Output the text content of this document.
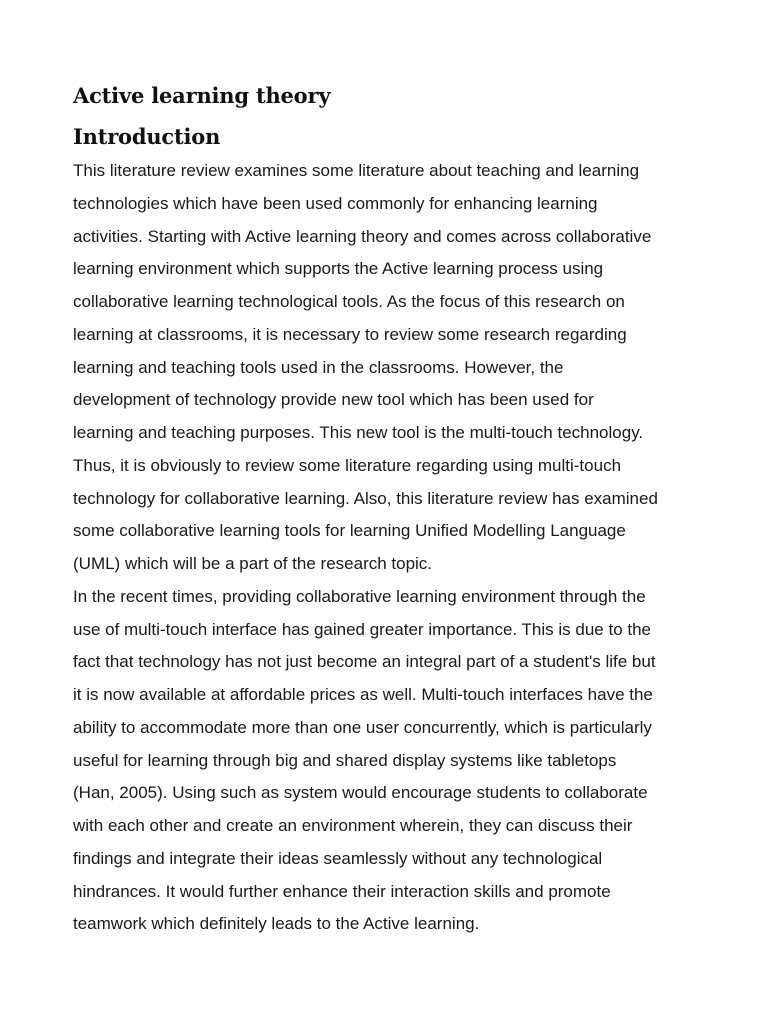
Active learning theory
Introduction

This literature review examines some literature about teaching and learning
technologies which have been used commonly for enhancing learning
activities. Starting with Active learning theory and comes across collaborative
learning environment which supports the Active learning process using
collaborative learning technological tools. As the focus of this research on
learning at classrooms, it is necessary to review some research regarding
learning and teaching tools used in the classrooms. However, the
development of technology provide new tool which has been used for
learning and teaching purposes. This new tool is the multi-touch technology.
Thus, it is obviously to review some literature regarding using multi-touch
technology for collaborative learning. Also, this literature review has examined
some collaborative learning tools for learning Unified Modelling Language
(UML) which will be a part of the research topic.

In the recent times, providing collaborative learning environment through the
use of multi-touch interface has gained greater importance. This is due to the
fact that technology has not just become an integral part of a student's life but
it is now available at affordable prices as well. Multi-touch interfaces have the
ability to accommodate more than one user concurrently, which is particularly
useful for learning through big and shared display systems like tabletops
(Han, 2005). Using such as system would encourage students to collaborate
with each other and create an environment wherein, they can discuss their
findings and integrate their ideas seamlessly without any technological
hindrances. It would further enhance their interaction skills and promote
teamwork which definitely leads to the Active learning.
